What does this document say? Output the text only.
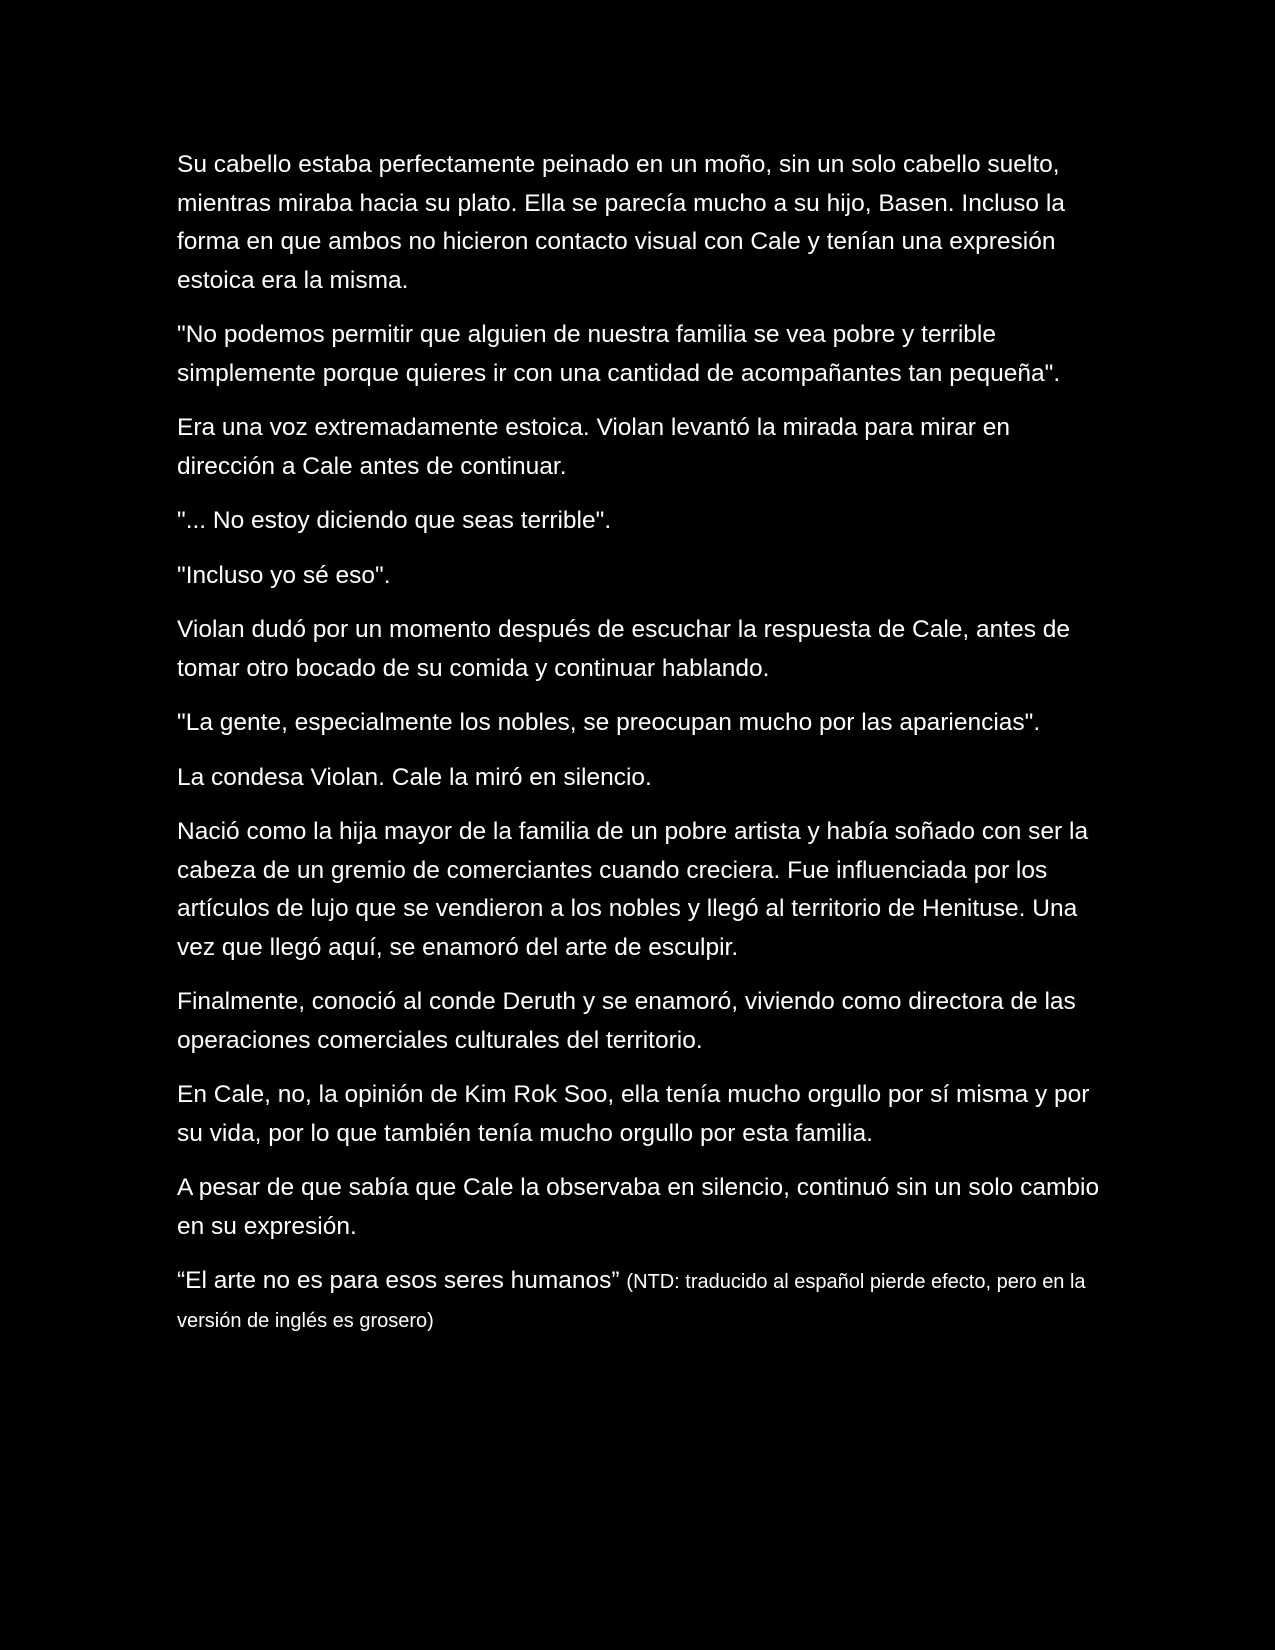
Su cabello estaba perfectamente peinado en un moño, sin un solo cabello suelto, mientras miraba hacia su plato. Ella se parecía mucho a su hijo, Basen. Incluso la forma en que ambos no hicieron contacto visual con Cale y tenían una expresión estoica era la misma.

"No podemos permitir que alguien de nuestra familia se vea pobre y terrible simplemente porque quieres ir con una cantidad de acompañantes tan pequeña".

Era una voz extremadamente estoica. Violan levantó la mirada para mirar en dirección a Cale antes de continuar.

"... No estoy diciendo que seas terrible".

"Incluso yo sé eso".

Violan dudó por un momento después de escuchar la respuesta de Cale, antes de tomar otro bocado de su comida y continuar hablando.

"La gente, especialmente los nobles, se preocupan mucho por las apariencias".

La condesa Violan. Cale la miró en silencio.

Nació como la hija mayor de la familia de un pobre artista y había soñado con ser la cabeza de un gremio de comerciantes cuando creciera. Fue influenciada por los artículos de lujo que se vendieron a los nobles y llegó al territorio de Henituse. Una vez que llegó aquí, se enamoró del arte de esculpir.

Finalmente, conoció al conde Deruth y se enamoró, viviendo como directora de las operaciones comerciales culturales del territorio.

En Cale, no, la opinión de Kim Rok Soo, ella tenía mucho orgullo por sí misma y por su vida, por lo que también tenía mucho orgullo por esta familia.

A pesar de que sabía que Cale la observaba en silencio, continuó sin un solo cambio en su expresión.

“El arte no es para esos seres humanos” (NTD: traducido al español pierde efecto, pero en la versión de inglés es grosero)
